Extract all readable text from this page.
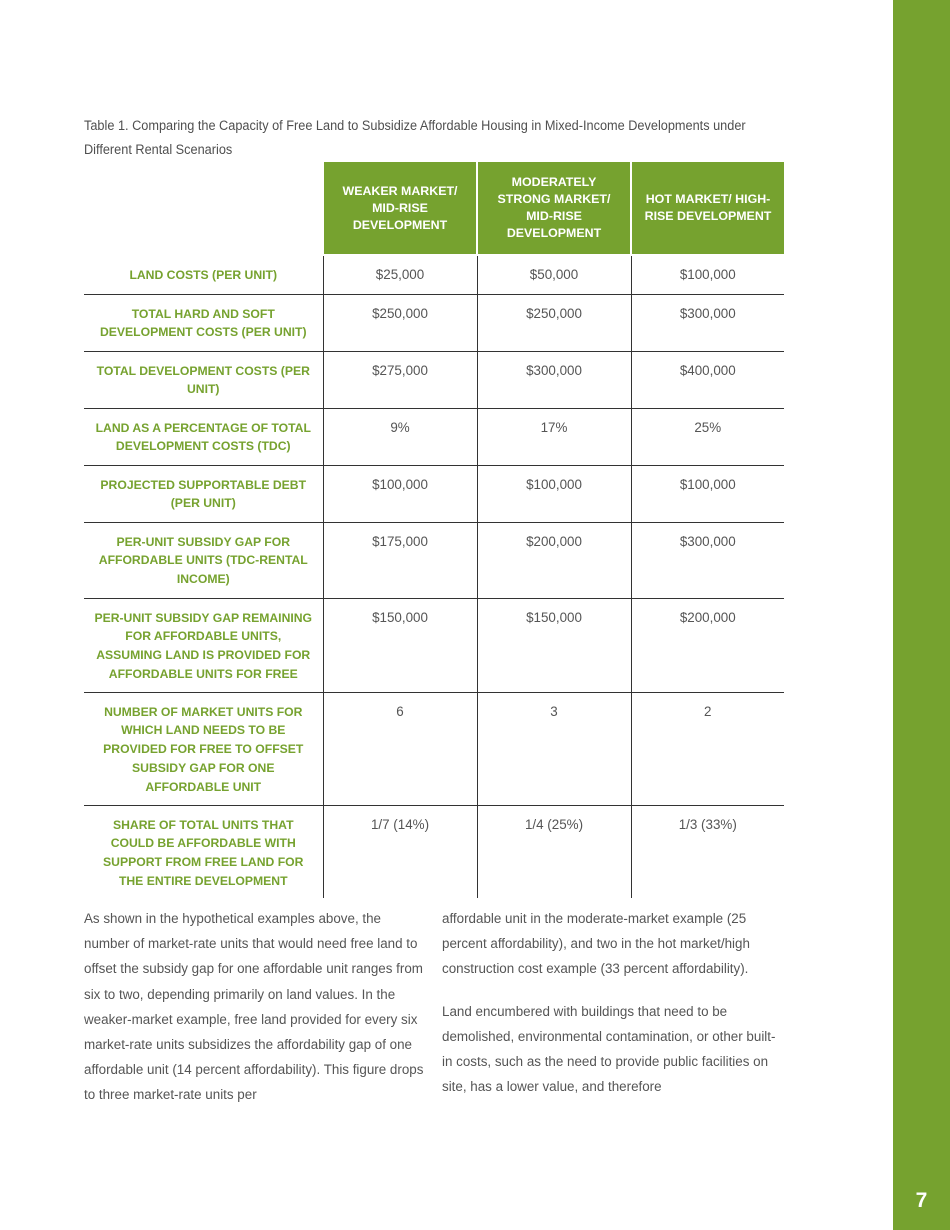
7
Table 1. Comparing the Capacity of Free Land to Subsidize Affordable Housing in Mixed-Income Developments under Different Rental Scenarios
	WEAKER MARKET/ MID-RISE DEVELOPMENT	MODERATELY STRONG MARKET/ MID-RISE DEVELOPMENT	HOT MARKET/ HIGH-RISE DEVELOPMENT
LAND COSTS (PER UNIT)	$25,000	$50,000	$100,000
TOTAL HARD AND SOFT DEVELOPMENT COSTS (PER UNIT)	$250,000	$250,000	$300,000
TOTAL DEVELOPMENT COSTS (PER UNIT)	$275,000	$300,000	$400,000
LAND AS A PERCENTAGE OF TOTAL DEVELOPMENT COSTS (TDC)	9%	17%	25%
PROJECTED SUPPORTABLE DEBT (PER UNIT)	$100,000	$100,000	$100,000
PER-UNIT SUBSIDY GAP FOR AFFORDABLE UNITS (TDC-RENTAL INCOME)	$175,000	$200,000	$300,000
PER-UNIT SUBSIDY GAP REMAINING FOR AFFORDABLE UNITS, ASSUMING LAND IS PROVIDED FOR AFFORDABLE UNITS FOR FREE	$150,000	$150,000	$200,000
NUMBER OF MARKET UNITS FOR WHICH LAND NEEDS TO BE PROVIDED FOR FREE TO OFFSET SUBSIDY GAP FOR ONE AFFORDABLE UNIT	6	3	2
SHARE OF TOTAL UNITS THAT COULD BE AFFORDABLE WITH SUPPORT FROM FREE LAND FOR THE ENTIRE DEVELOPMENT	1/7 (14%)	1/4 (25%)	1/3 (33%)

As shown in the hypothetical examples above, the number of market-rate units that would need free land to offset the subsidy gap for one affordable unit ranges from six to two, depending primarily on land values. In the weaker-market example, free land provided for every six market-rate units subsidizes the affordability gap of one affordable unit (14 percent affordability). This figure drops to three market-rate units per

affordable unit in the moderate-market example (25 percent affordability), and two in the hot market/high construction cost example (33 percent affordability).

Land encumbered with buildings that need to be demolished, environmental contamination, or other built-in costs, such as the need to provide public facilities on site, has a lower value, and therefore
